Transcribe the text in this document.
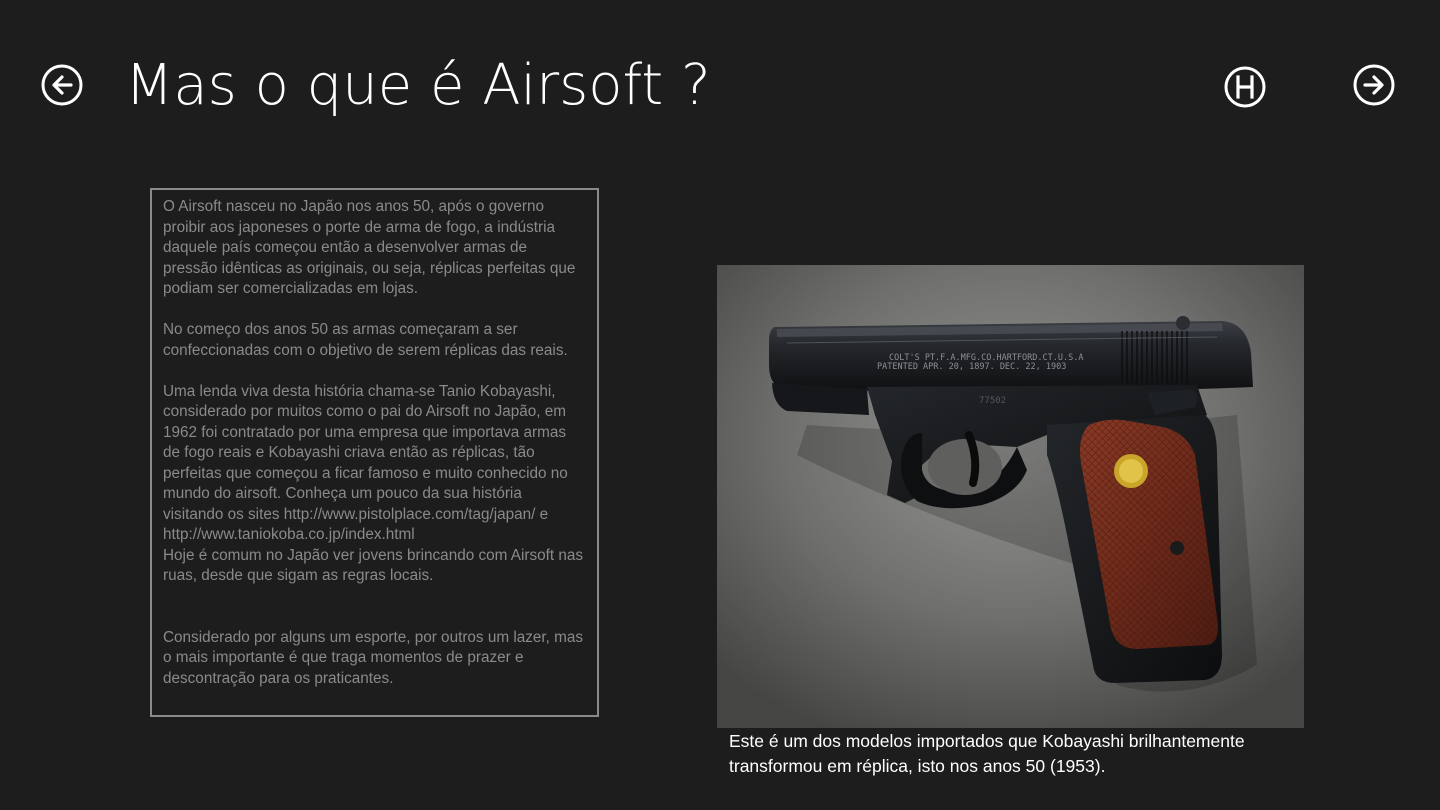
Mas o que é Airsoft ?

O Airsoft nasceu no Japão nos anos 50, após o governo proibir aos japoneses o porte de arma de fogo, a indústria daquele país começou então a desenvolver armas de pressão idênticas as originais, ou seja, réplicas perfeitas que podiam ser comercializadas em lojas.

No começo dos anos 50 as armas começaram a ser confeccionadas com o objetivo de serem réplicas das reais.

Uma lenda viva desta história chama-se Tanio Kobayashi, considerado por muitos como o pai do Airsoft no Japão, em 1962 foi contratado por uma empresa que importava armas de fogo reais e Kobayashi criava então as réplicas, tão perfeitas que começou a ficar famoso e muito conhecido no mundo do airsoft. Conheça um pouco da sua história visitando os sites http://www.pistolplace.com/tag/japan/ e http://www.taniokoba.co.jp/index.html
Hoje é comum no Japão ver jovens brincando com Airsoft nas ruas, desde que sigam as regras locais.

Considerado por alguns um esporte, por outros um lazer, mas o mais importante é que traga momentos de prazer e descontração para os praticantes.

COLT'S PT.F.A.MFG.CO.HARTFORD.CT.U.S.A
PATENTED APR. 20, 1897. DEC. 22, 1903
77502

Este é um dos modelos importados que Kobayashi brilhantemente
transformou em réplica, isto nos anos 50 (1953).
